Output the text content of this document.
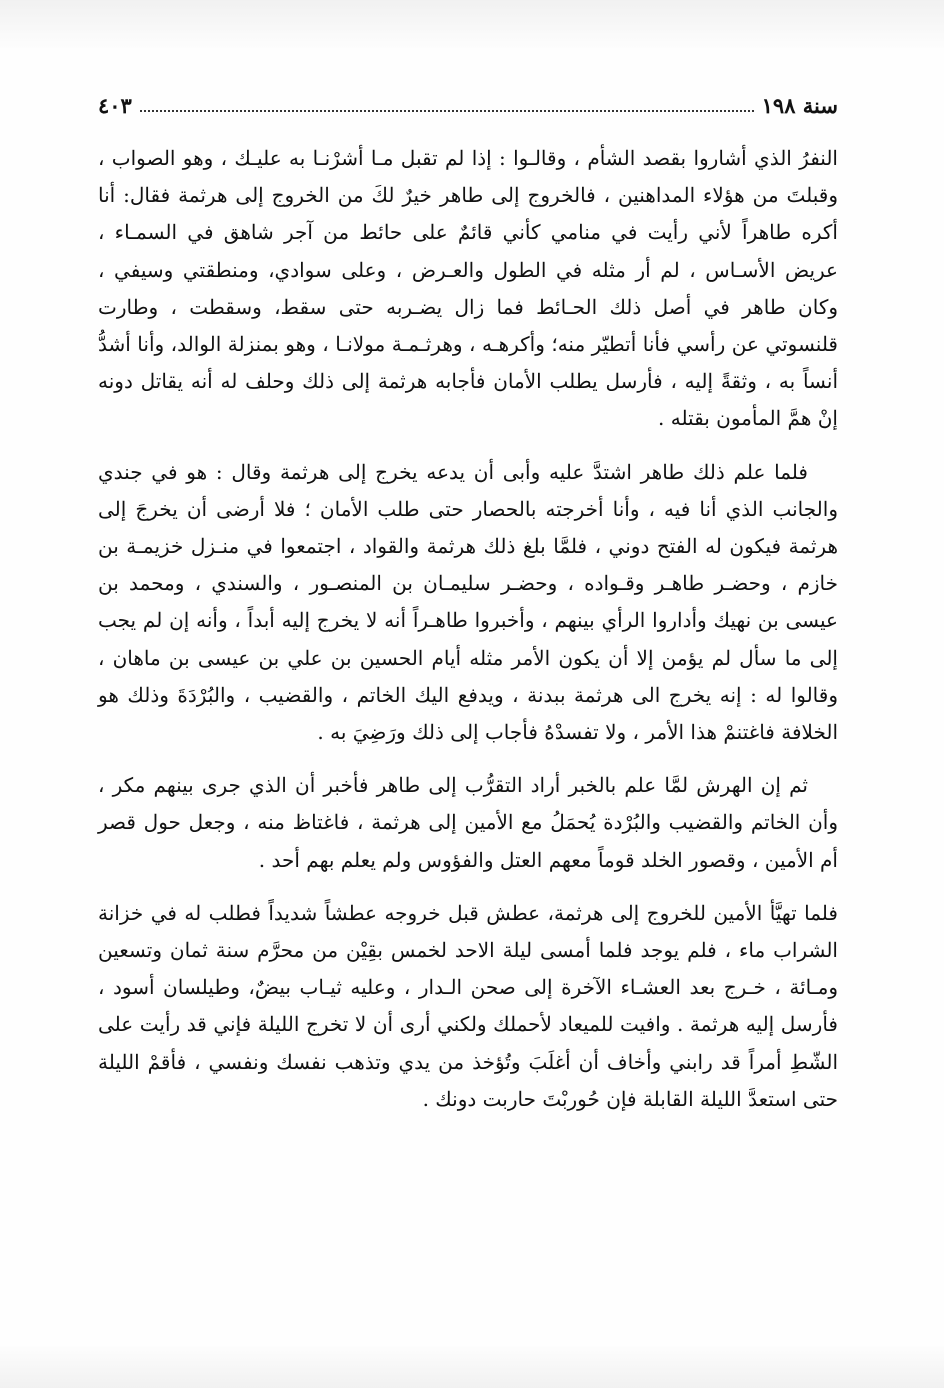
سنة ١٩٨
٤٠٣

النفرُ الذي أشاروا بقصد الشأم ، وقالـوا : إذا لم تقبل مـا أشرْنـا به عليـك ، وهو الصواب ، وقبلتَ من هؤلاء المداهنين ، فالخروج إلى طاهر خيرٌ لكَ من الخروج إلى هرثمة فقال: أنا أكره طاهراً لأني رأيت في منامي كأني قائمٌ على حائط من آجر شاهق في السمـاء ، عريض الأسـاس ، لم أر مثله في الطول والعـرض ، وعلى سوادي، ومنطقتي وسيفي ، وكان طاهر في أصل ذلك الحـائط فما زال يضـربه حتى سقط، وسقطت ، وطارت قلنسوتي عن رأسي فأنا أتطيّر منه؛ وأكرهـه ، وهرثـمـة مولانـا ، وهو بمنزلة الوالد، وأنا أشدُّ أنساً به ، وثقةً إليه ، فأرسل يطلب الأمان فأجابه هرثمة إلى ذلك وحلف له أنه يقاتل دونه إنْ همَّ المأمون بقتله .

فلما علم ذلك طاهر اشتدَّ عليه وأبى أن يدعه يخرج إلى هرثمة وقال : هو في جندي والجانب الذي أنا فيه ، وأنا أخرجته بالحصار حتى طلب الأمان ؛ فلا أرضى أن يخرجَ إلى هرثمة فيكون له الفتح دوني ، فلمَّا بلغ ذلك هرثمة والقواد ، اجتمعوا في منـزل خزيمـة بن خازم ، وحضـر طاهـر وقـواده ، وحضـر سليمـان بن المنصـور ، والسندي ، ومحمد بن عيسى بن نهيك وأداروا الرأي بينهم ، وأخبروا طاهـراً أنه لا يخرج إليه أبداً ، وأنه إن لم يجب إلى ما سأل لم يؤمن إلا أن يكون الأمر مثله أيام الحسين بن علي بن عيسى بن ماهان ، وقالوا له : إنه يخرج الى هرثمة ببدنة ، ويدفع اليك الخاتم ، والقضيب ، والبُرْدَةَ وذلك هو الخلافة فاغتنمْ هذا الأمر ، ولا تفسدْهُ فأجاب إلى ذلك ورَضِيَ به .

ثم إن الهرش لمَّا علم بالخبر أراد التقرُّب إلى طاهر فأخبر أن الذي جرى بينهم مكر ، وأن الخاتم والقضيب والبُرْدة يُحمَلُ مع الأمين إلى هرثمة ، فاغتاظ منه ، وجعل حول قصر أم الأمين ، وقصور الخلد قوماً معهم العتل والفؤوس ولم يعلم بهم أحد .

فلما تهيَّأ الأمين للخروج إلى هرثمة، عطش قبل خروجه عطشاً شديداً فطلب له في خزانة الشراب ماء ، فلم يوجد فلما أمسى ليلة الاحد لخمس بقِيْن من محرَّم سنة ثمان وتسعين ومـائة ، خـرج بعد العشـاء الآخرة إلى صحن الـدار ، وعليه ثيـاب بيضٌ، وطيلسان أسود ، فأرسل إليه هرثمة . وافيت للميعاد لأحملك ولكني أرى أن لا تخرج الليلة فإني قد رأيت على الشّطِ أمراً قد رابني وأخاف أن أغلَبَ وتُؤخذ من يدي وتذهب نفسك ونفسي ، فأقمْ الليلة حتى استعدَّ الليلة القابلة فإن حُوربْتَ حاربت دونك .
